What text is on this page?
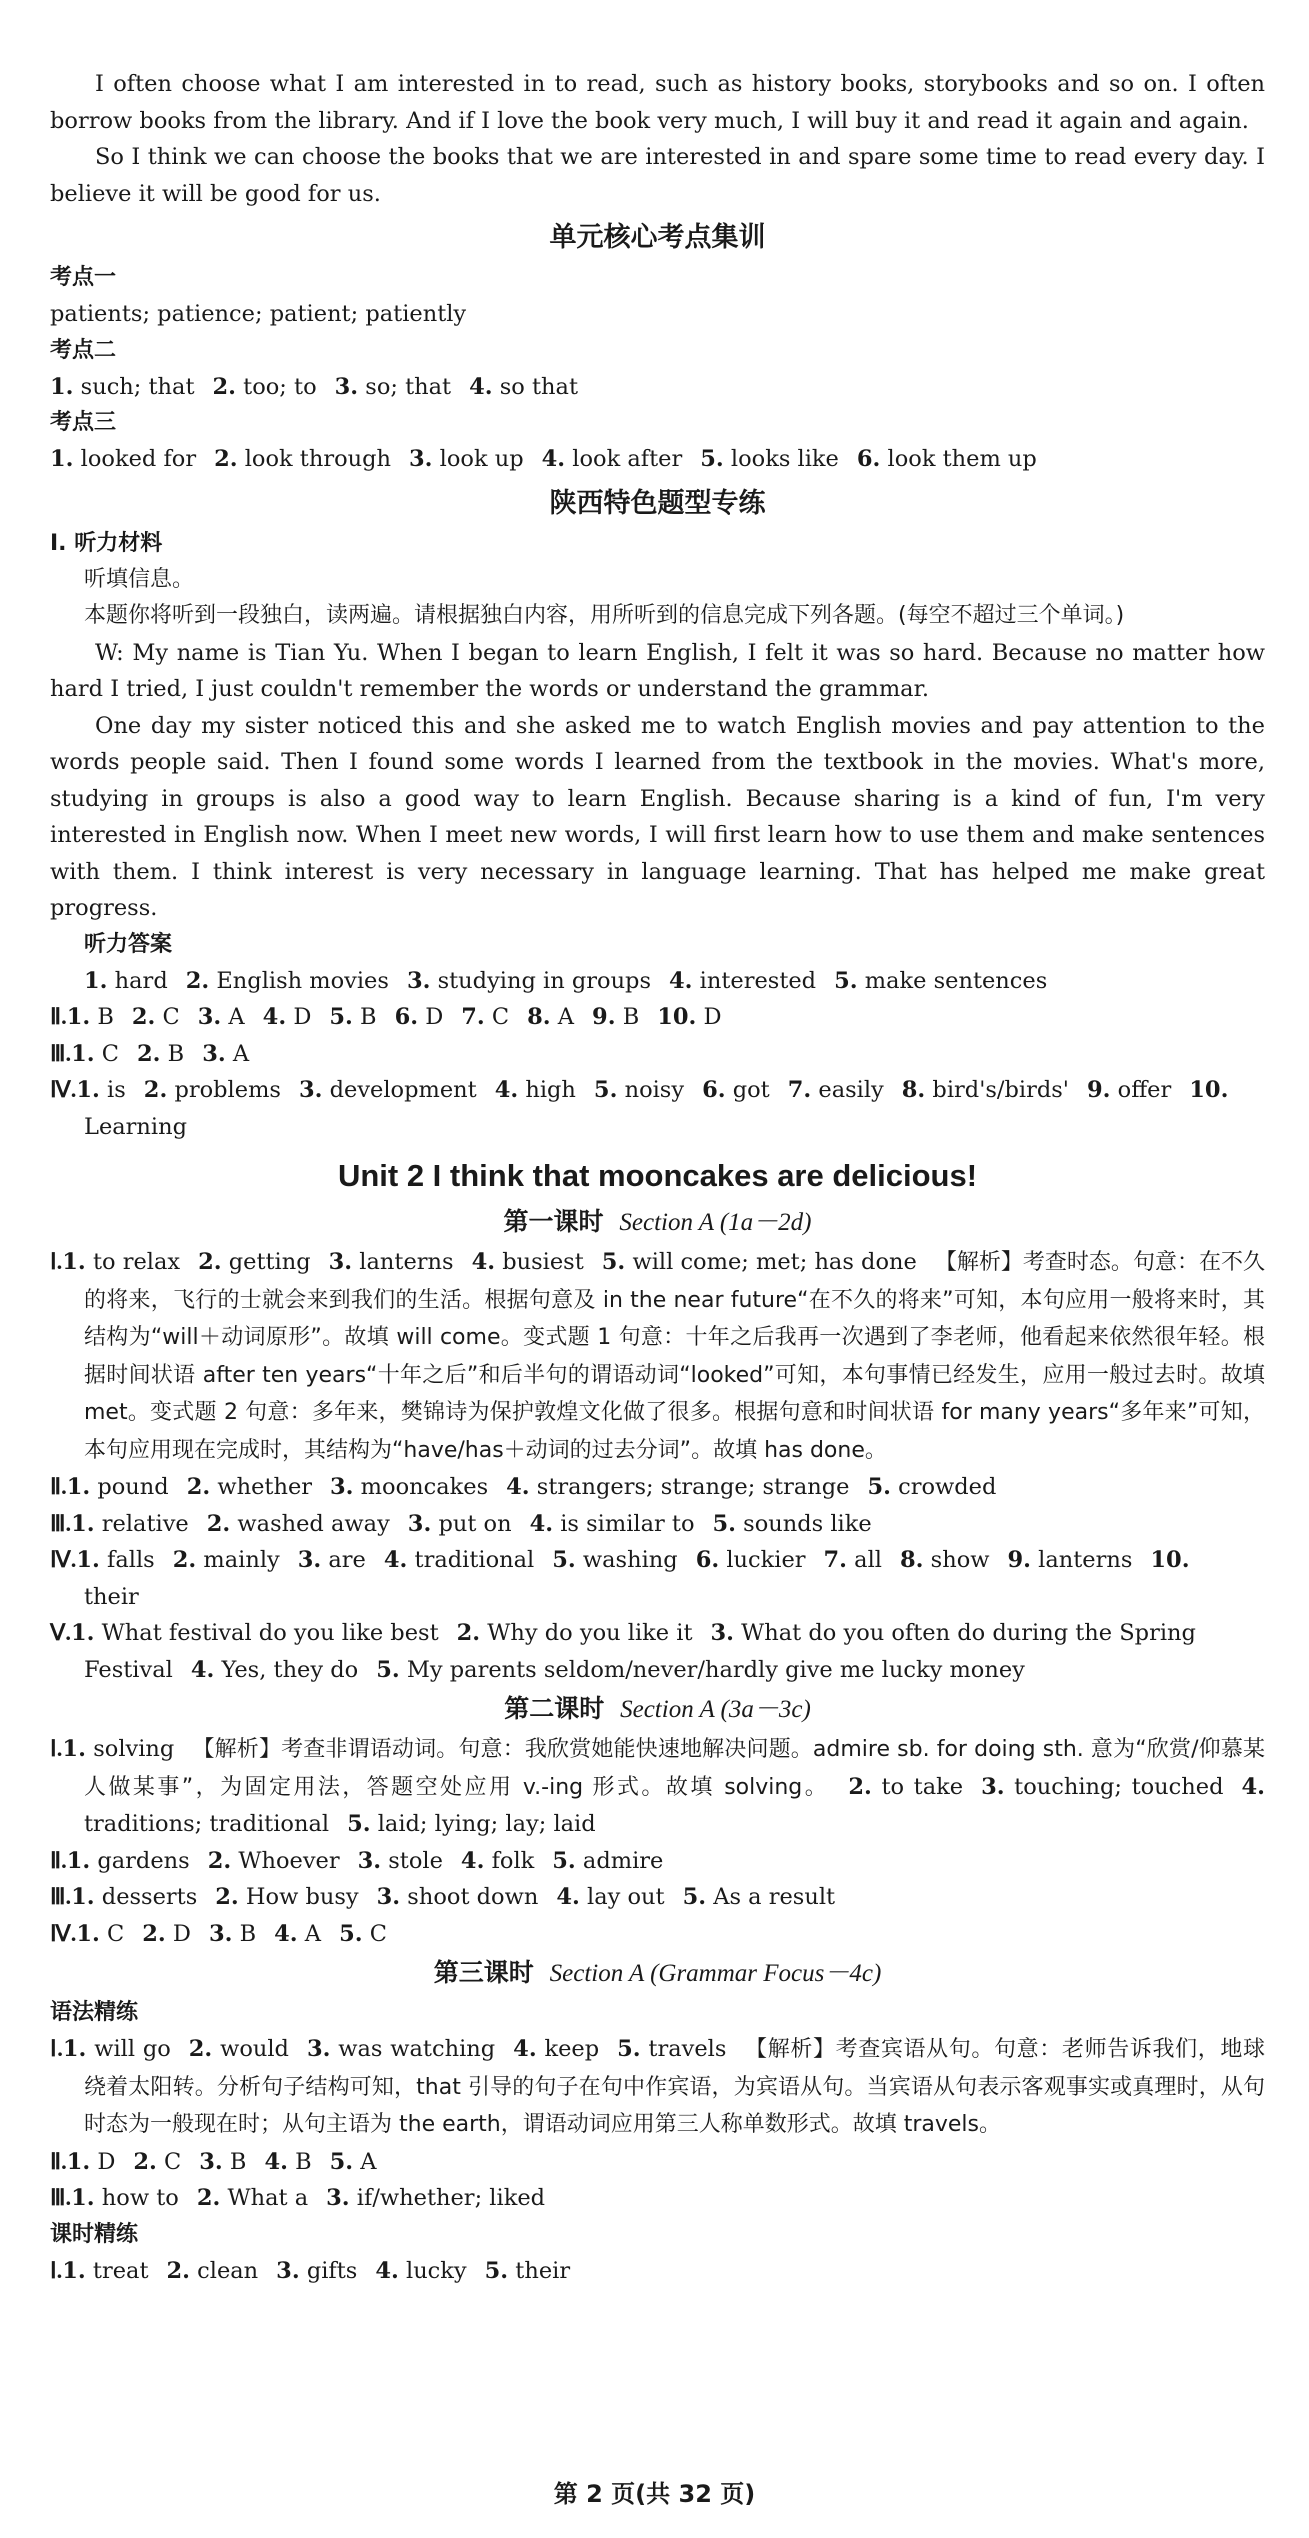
I often choose what I am interested in to read, such as history books, storybooks and so on. I often borrow books from the library. And if I love the book very much, I will buy it and read it again and again.

So I think we can choose the books that we are interested in and spare some time to read every day. I believe it will be good for us.

单元核心考点集训

考点一

patients; patience; patient; patiently

考点二

1. such; that 2. too; to 3. so; that 4. so that

考点三

1. looked for 2. look through 3. look up 4. look after 5. looks like 6. look them up

陕西特色题型专练

Ⅰ. 听力材料

听填信息。

本题你将听到一段独白，读两遍。请根据独白内容，用所听到的信息完成下列各题。(每空不超过三个单词。)

W: My name is Tian Yu. When I began to learn English, I felt it was so hard. Because no matter how hard I tried, I just couldn't remember the words or understand the grammar.

One day my sister noticed this and she asked me to watch English movies and pay attention to the words people said. Then I found some words I learned from the textbook in the movies. What's more, studying in groups is also a good way to learn English. Because sharing is a kind of fun, I'm very interested in English now. When I meet new words, I will first learn how to use them and make sentences with them. I think interest is very necessary in language learning. That has helped me make great progress.

听力答案

1. hard 2. English movies 3. studying in groups 4. interested 5. make sentences

Ⅱ.1. B 2. C 3. A 4. D 5. B 6. D 7. C 8. A 9. B 10. D

Ⅲ.1. C 2. B 3. A

Ⅳ.1. is 2. problems 3. development 4. high 5. noisy 6. got 7. easily 8. bird's/birds' 9. offer 10. Learning

Unit 2 I think that mooncakes are delicious!
第一课时 Section A (1a－2d)

Ⅰ.1. to relax 2. getting 3. lanterns 4. busiest 5. will come; met; has done 【解析】考查时态。句意：在不久的将来，飞行的士就会来到我们的生活。根据句意及 in the near future“在不久的将来”可知，本句应用一般将来时，其结构为“will＋动词原形”。故填 will come。变式题 1 句意：十年之后我再一次遇到了李老师，他看起来依然很年轻。根据时间状语 after ten years“十年之后”和后半句的谓语动词“looked”可知，本句事情已经发生，应用一般过去时。故填 met。变式题 2 句意：多年来，樊锦诗为保护敦煌文化做了很多。根据句意和时间状语 for many years“多年来”可知，本句应用现在完成时，其结构为“have/has＋动词的过去分词”。故填 has done。

Ⅱ.1. pound 2. whether 3. mooncakes 4. strangers; strange; strange 5. crowded

Ⅲ.1. relative 2. washed away 3. put on 4. is similar to 5. sounds like

Ⅳ.1. falls 2. mainly 3. are 4. traditional 5. washing 6. luckier 7. all 8. show 9. lanterns 10. their

Ⅴ.1. What festival do you like best 2. Why do you like it 3. What do you often do during the Spring Festival 4. Yes, they do 5. My parents seldom/never/hardly give me lucky money

第二课时 Section A (3a－3c)

Ⅰ.1. solving 【解析】考查非谓语动词。句意：我欣赏她能快速地解决问题。admire sb. for doing sth. 意为“欣赏/仰慕某人做某事”，为固定用法，答题空处应用 v.-ing 形式。故填 solving。 2. to take 3. touching; touched 4. traditions; traditional 5. laid; lying; lay; laid

Ⅱ.1. gardens 2. Whoever 3. stole 4. folk 5. admire

Ⅲ.1. desserts 2. How busy 3. shoot down 4. lay out 5. As a result

Ⅳ.1. C 2. D 3. B 4. A 5. C

第三课时 Section A (Grammar Focus－4c)

语法精练

Ⅰ.1. will go 2. would 3. was watching 4. keep 5. travels 【解析】考查宾语从句。句意：老师告诉我们，地球绕着太阳转。分析句子结构可知，that 引导的句子在句中作宾语，为宾语从句。当宾语从句表示客观事实或真理时，从句时态为一般现在时；从句主语为 the earth，谓语动词应用第三人称单数形式。故填 travels。

Ⅱ.1. D 2. C 3. B 4. B 5. A

Ⅲ.1. how to 2. What a 3. if/whether; liked

课时精练

Ⅰ.1. treat 2. clean 3. gifts 4. lucky 5. their

第 2 页(共 32 页)
